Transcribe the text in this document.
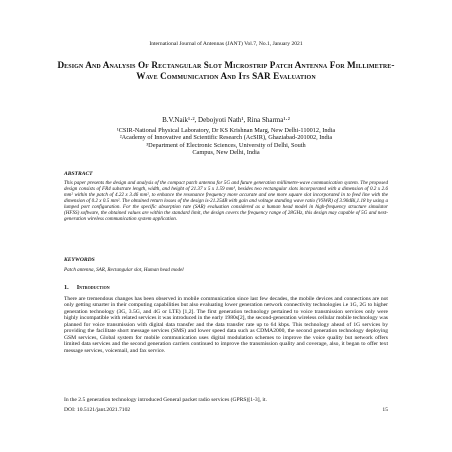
International Journal of Antennas (JANT) Vol.7, No.1, January 2021
Design And Analysis Of Rectangular Slot Microstrip Patch Antenna For Millimetre-Wave Communication And Its SAR Evaluation
B.V.Naik¹·², Debojyoti Nath¹, Rina Sharma¹·²
¹CSIR-National Physical Laboratory, Dr KS Krishnan Marg, New Delhi-110012, India
²Academy of Innovative and Scientific Research (AcSIR), Ghaziabad-201002, India
³Department of Electronic Sciences, University of Delhi, South
Campus, New Delhi, India
ABSTRACT
This paper presents the design and analysis of the compact patch antenna for 5G and future generation millimetre-wave communication system. The proposed design consists of FR4 substrate length, width, and height of 21.37 x 5 x 1.59 mm³, besides two rectangular slots incorporated with a dimension of 0.2 x 2.6 mm² within the patch of 4.22 x 3.46 mm², to enhance the resonance frequency more accurate and one more square slot incorporated in to feed line with the dimension of 0.2 x 0.5 mm². The obtained return losses of the design is-21.25dB with gain and voltage standing wave ratio (VSWR) of 3.90dBi,1.18 by using a lumped port configuration. For the specific absorption rate (SAR) evaluation considered as a human head model in high-frequency structure simulator (HFSS) software, the obtained values are within the standard limit, the design covers the frequency range of 28GHz, this design may capable of 5G and next-generation wireless communication system application.
KEYWORDS
Patch antenna, SAR, Rectangular slot, Human head model
1. Introduction
There are tremendous changes has been observed in mobile communication since last few decades, the mobile devices and connections are not only getting smarter in their computing capabilities but also evaluating lower generation network connectivity technologies i.e 1G, 2G to higher generation technology (3G, 3.5G, and 4G or LTE) [1,2]. The first generation technology pertained to voice transmission services only were highly incompatible with related services it was introduced in the early 1980s[2], the second-generation wireless cellular mobile technology was planned for voice transmission with digital data transfer and the data transfer rate up to 64 kbps. This technology ahead of 1G services by providing the facilitate short message services (SMS) and lower speed data such as CDMA2000, the second generation technology deploying GSM services, Global system for mobile communication uses digital modulation schemes to improve the voice quality but network offers limited data services and the second generation carriers continued to improve the transmission quality and coverage, also, it began to offer text message services, voicemail, and fax service.
In the 2.5 generation technology introduced General packet radio services (GPRS)[1-3], it.
DOI: 10.5121/jant.2021.7102	15
